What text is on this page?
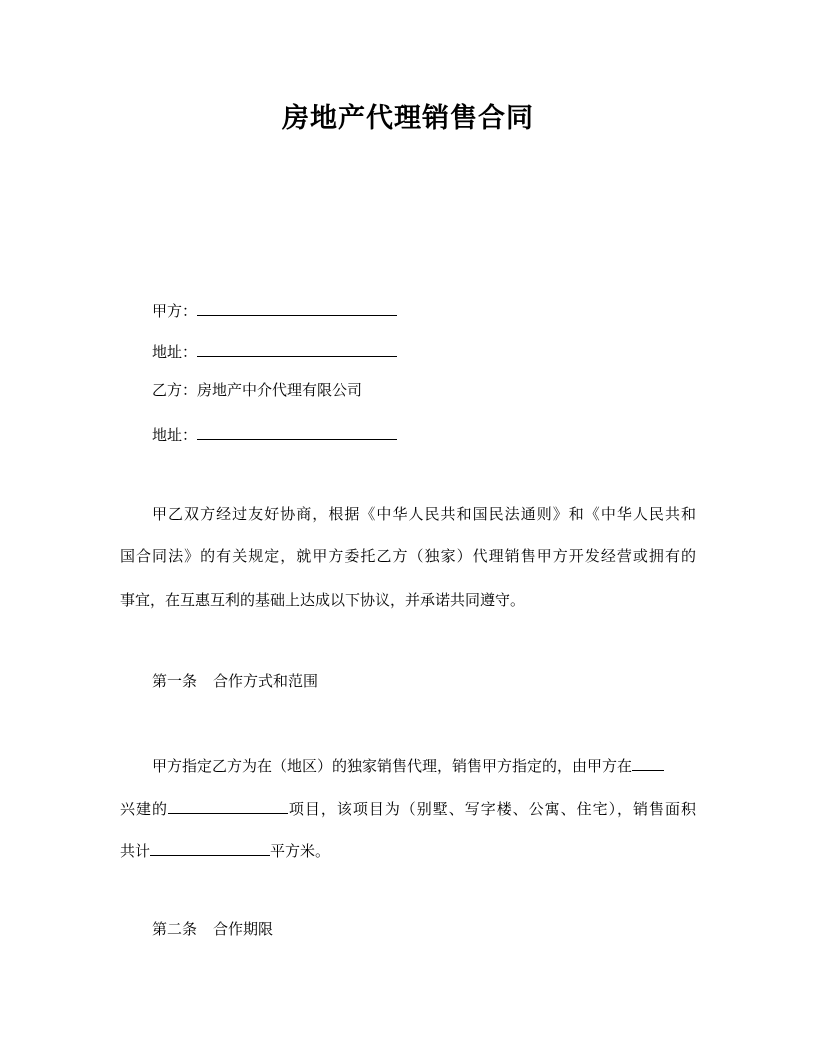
房地产代理销售合同
甲方：
地址：
乙方：房地产中介代理有限公司
地址：
甲乙双方经过友好协商，根据《中华人民共和国民法通则》和《中华人民共和
国合同法》的有关规定，就甲方委托乙方（独家）代理销售甲方开发经营或拥有的
事宜，在互惠互利的基础上达成以下协议，并承诺共同遵守。
第一条 合作方式和范围
甲方指定乙方为在（地区）的独家销售代理，销售甲方指定的，由甲方在
兴建的	项目，该项目为（别墅、写字楼、公寓、住宅），销售面积
共计	平方米。
第二条 合作期限
